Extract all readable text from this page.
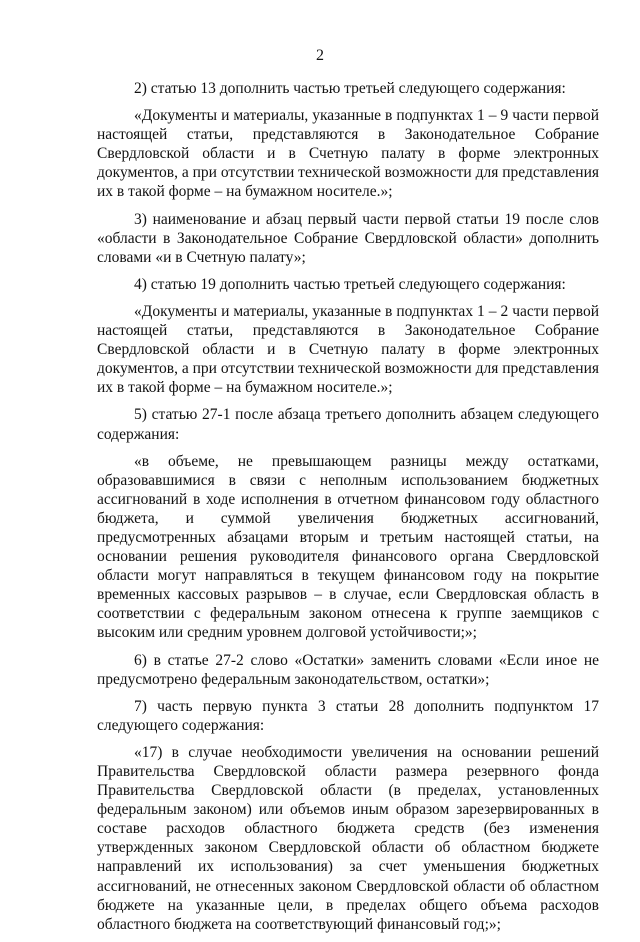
2

2) статью 13 дополнить частью третьей следующего содержания:

«Документы и материалы, указанные в подпунктах 1 – 9 части первой настоящей статьи, представляются в Законодательное Собрание Свердловской области и в Счетную палату в форме электронных документов, а при отсутствии технической возможности для представления их в такой форме – на бумажном носителе.»;

3) наименование и абзац первый части первой статьи 19 после слов «области в Законодательное Собрание Свердловской области» дополнить словами «и в Счетную палату»;

4) статью 19 дополнить частью третьей следующего содержания:

«Документы и материалы, указанные в подпунктах 1 – 2 части первой настоящей статьи, представляются в Законодательное Собрание Свердловской области и в Счетную палату в форме электронных документов, а при отсутствии технической возможности для представления их в такой форме – на бумажном носителе.»;

5) статью 27-1 после абзаца третьего дополнить абзацем следующего содержания:

«в объеме, не превышающем разницы между остатками, образовавшимися в связи с неполным использованием бюджетных ассигнований в ходе исполнения в отчетном финансовом году областного бюджета, и суммой увеличения бюджетных ассигнований, предусмотренных абзацами вторым и третьим настоящей статьи, на основании решения руководителя финансового органа Свердловской области могут направляться в текущем финансовом году на покрытие временных кассовых разрывов – в случае, если Свердловская область в соответствии с федеральным законом отнесена к группе заемщиков с высоким или средним уровнем долговой устойчивости;»;

6) в статье 27-2 слово «Остатки» заменить словами «Если иное не предусмотрено федеральным законодательством, остатки»;

7) часть первую пункта 3 статьи 28 дополнить подпунктом 17 следующего содержания:

«17) в случае необходимости увеличения на основании решений Правительства Свердловской области размера резервного фонда Правительства Свердловской области (в пределах, установленных федеральным законом) или объемов иным образом зарезервированных в составе расходов областного бюджета средств (без изменения утвержденных законом Свердловской области об областном бюджете направлений их использования) за счет уменьшения бюджетных ассигнований, не отнесенных законом Свердловской области об областном бюджете на указанные цели, в пределах общего объема расходов областного бюджета на соответствующий финансовый год;»;
